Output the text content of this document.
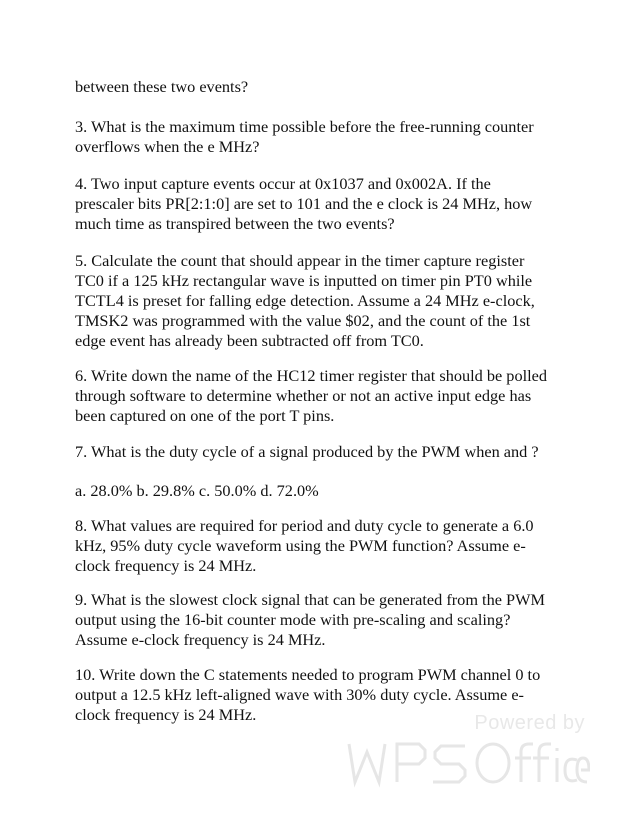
between these two events?
3. What is the maximum time possible before the free-running counter
overflows when the e MHz?
4. Two input capture events occur at 0x1037 and 0x002A. If the
prescaler bits PR[2:1:0] are set to 101 and the e clock is 24 MHz, how
much time as transpired between the two events?
5. Calculate the count that should appear in the timer capture register
TC0 if a 125 kHz rectangular wave is inputted on timer pin PT0 while
TCTL4 is preset for falling edge detection. Assume a 24 MHz e-clock,
TMSK2 was programmed with the value $02, and the count of the 1st
edge event has already been subtracted off from TC0.
6. Write down the name of the HC12 timer register that should be polled
through software to determine whether or not an active input edge has
been captured on one of the port T pins.
7. What is the duty cycle of a signal produced by the PWM when and ?
a. 28.0% b. 29.8% c. 50.0% d. 72.0%
8. What values are required for period and duty cycle to generate a 6.0
kHz, 95% duty cycle waveform using the PWM function? Assume e-
clock frequency is 24 MHz.
9. What is the slowest clock signal that can be generated from the PWM
output using the 16-bit counter mode with pre-scaling and scaling?
Assume e-clock frequency is 24 MHz.
10. Write down the C statements needed to program PWM channel 0 to
output a 12.5 kHz left-aligned wave with 30% duty cycle. Assume e-
clock frequency is 24 MHz.	Powered by
